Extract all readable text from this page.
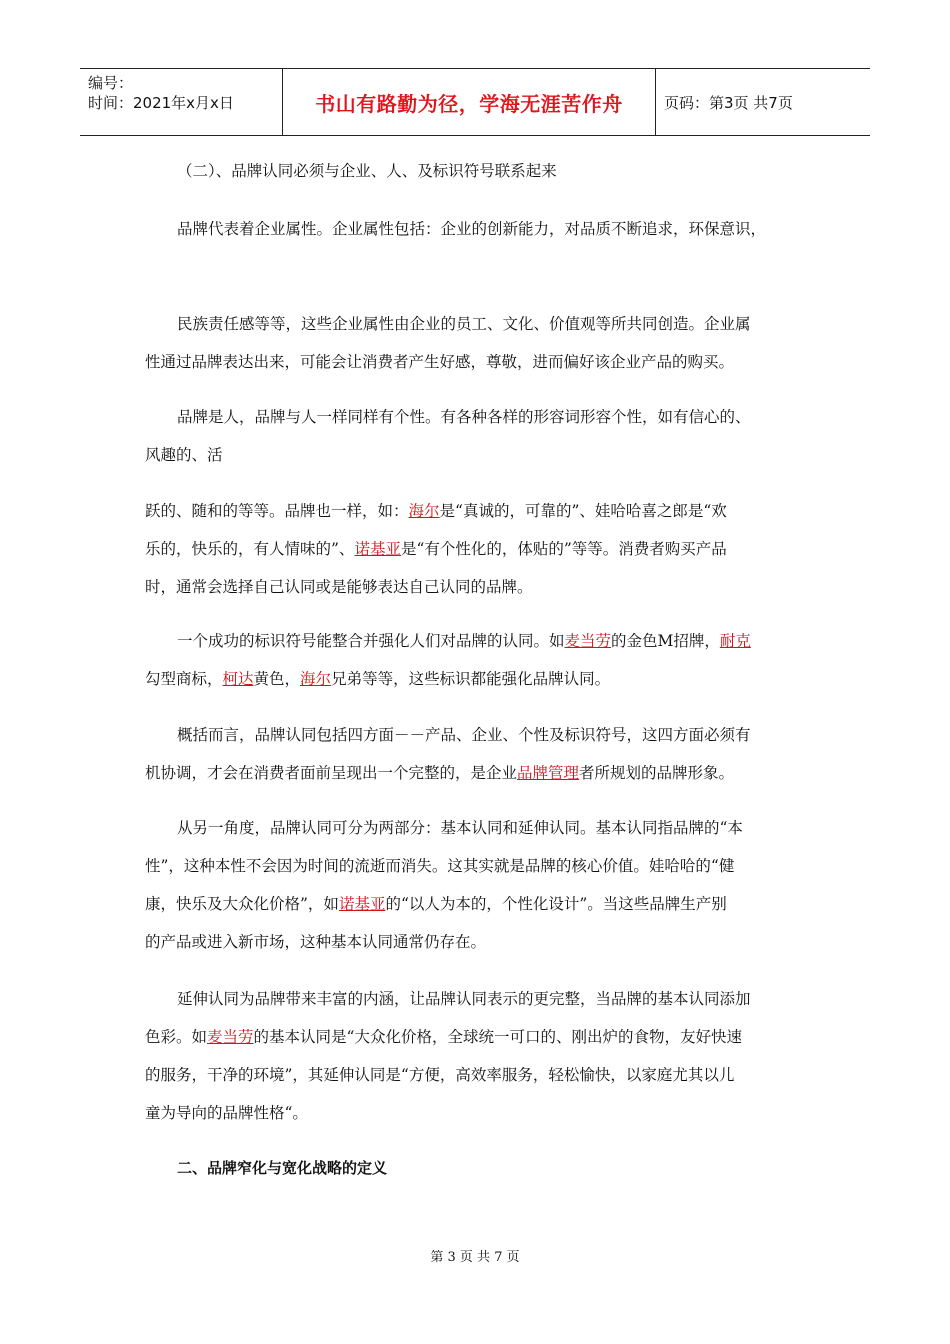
编号：
时间：2021年x月x日	书山有路勤为径，学海无涯苦作舟	页码：第3页 共7页

（二）、品牌认同必须与企业、人、及标识符号联系起来

品牌代表着企业属性。企业属性包括：企业的创新能力，对品质不断追求，环保意识，

民族责任感等等，这些企业属性由企业的员工、文化、价值观等所共同创造。企业属

性通过品牌表达出来，可能会让消费者产生好感，尊敬，进而偏好该企业产品的购买。

品牌是人，品牌与人一样同样有个性。有各种各样的形容词形容个性，如有信心的、

风趣的、活

跃的、随和的等等。品牌也一样，如：海尔是“真诚的，可靠的”、娃哈哈喜之郎是“欢

乐的，快乐的，有人情味的”、诺基亚是“有个性化的，体贴的”等等。消费者购买产品

时，通常会选择自己认同或是能够表达自己认同的品牌。

一个成功的标识符号能整合并强化人们对品牌的认同。如麦当劳的金色M招牌，耐克

勾型商标，柯达黄色，海尔兄弟等等，这些标识都能强化品牌认同。

概括而言，品牌认同包括四方面－－产品、企业、个性及标识符号，这四方面必须有

机协调，才会在消费者面前呈现出一个完整的，是企业品牌管理者所规划的品牌形象。

从另一角度，品牌认同可分为两部分：基本认同和延伸认同。基本认同指品牌的“本

性”，这种本性不会因为时间的流逝而消失。这其实就是品牌的核心价值。娃哈哈的“健

康，快乐及大众化价格”，如诺基亚的“以人为本的，个性化设计”。当这些品牌生产别

的产品或进入新市场，这种基本认同通常仍存在。

延伸认同为品牌带来丰富的内涵，让品牌认同表示的更完整，当品牌的基本认同添加

色彩。如麦当劳的基本认同是“大众化价格，全球统一可口的、刚出炉的食物，友好快速

的服务，干净的环境”，其延伸认同是“方便，高效率服务，轻松愉快，以家庭尤其以儿

童为导向的品牌性格“。

二、品牌窄化与宽化战略的定义

第 3 页 共 7 页
